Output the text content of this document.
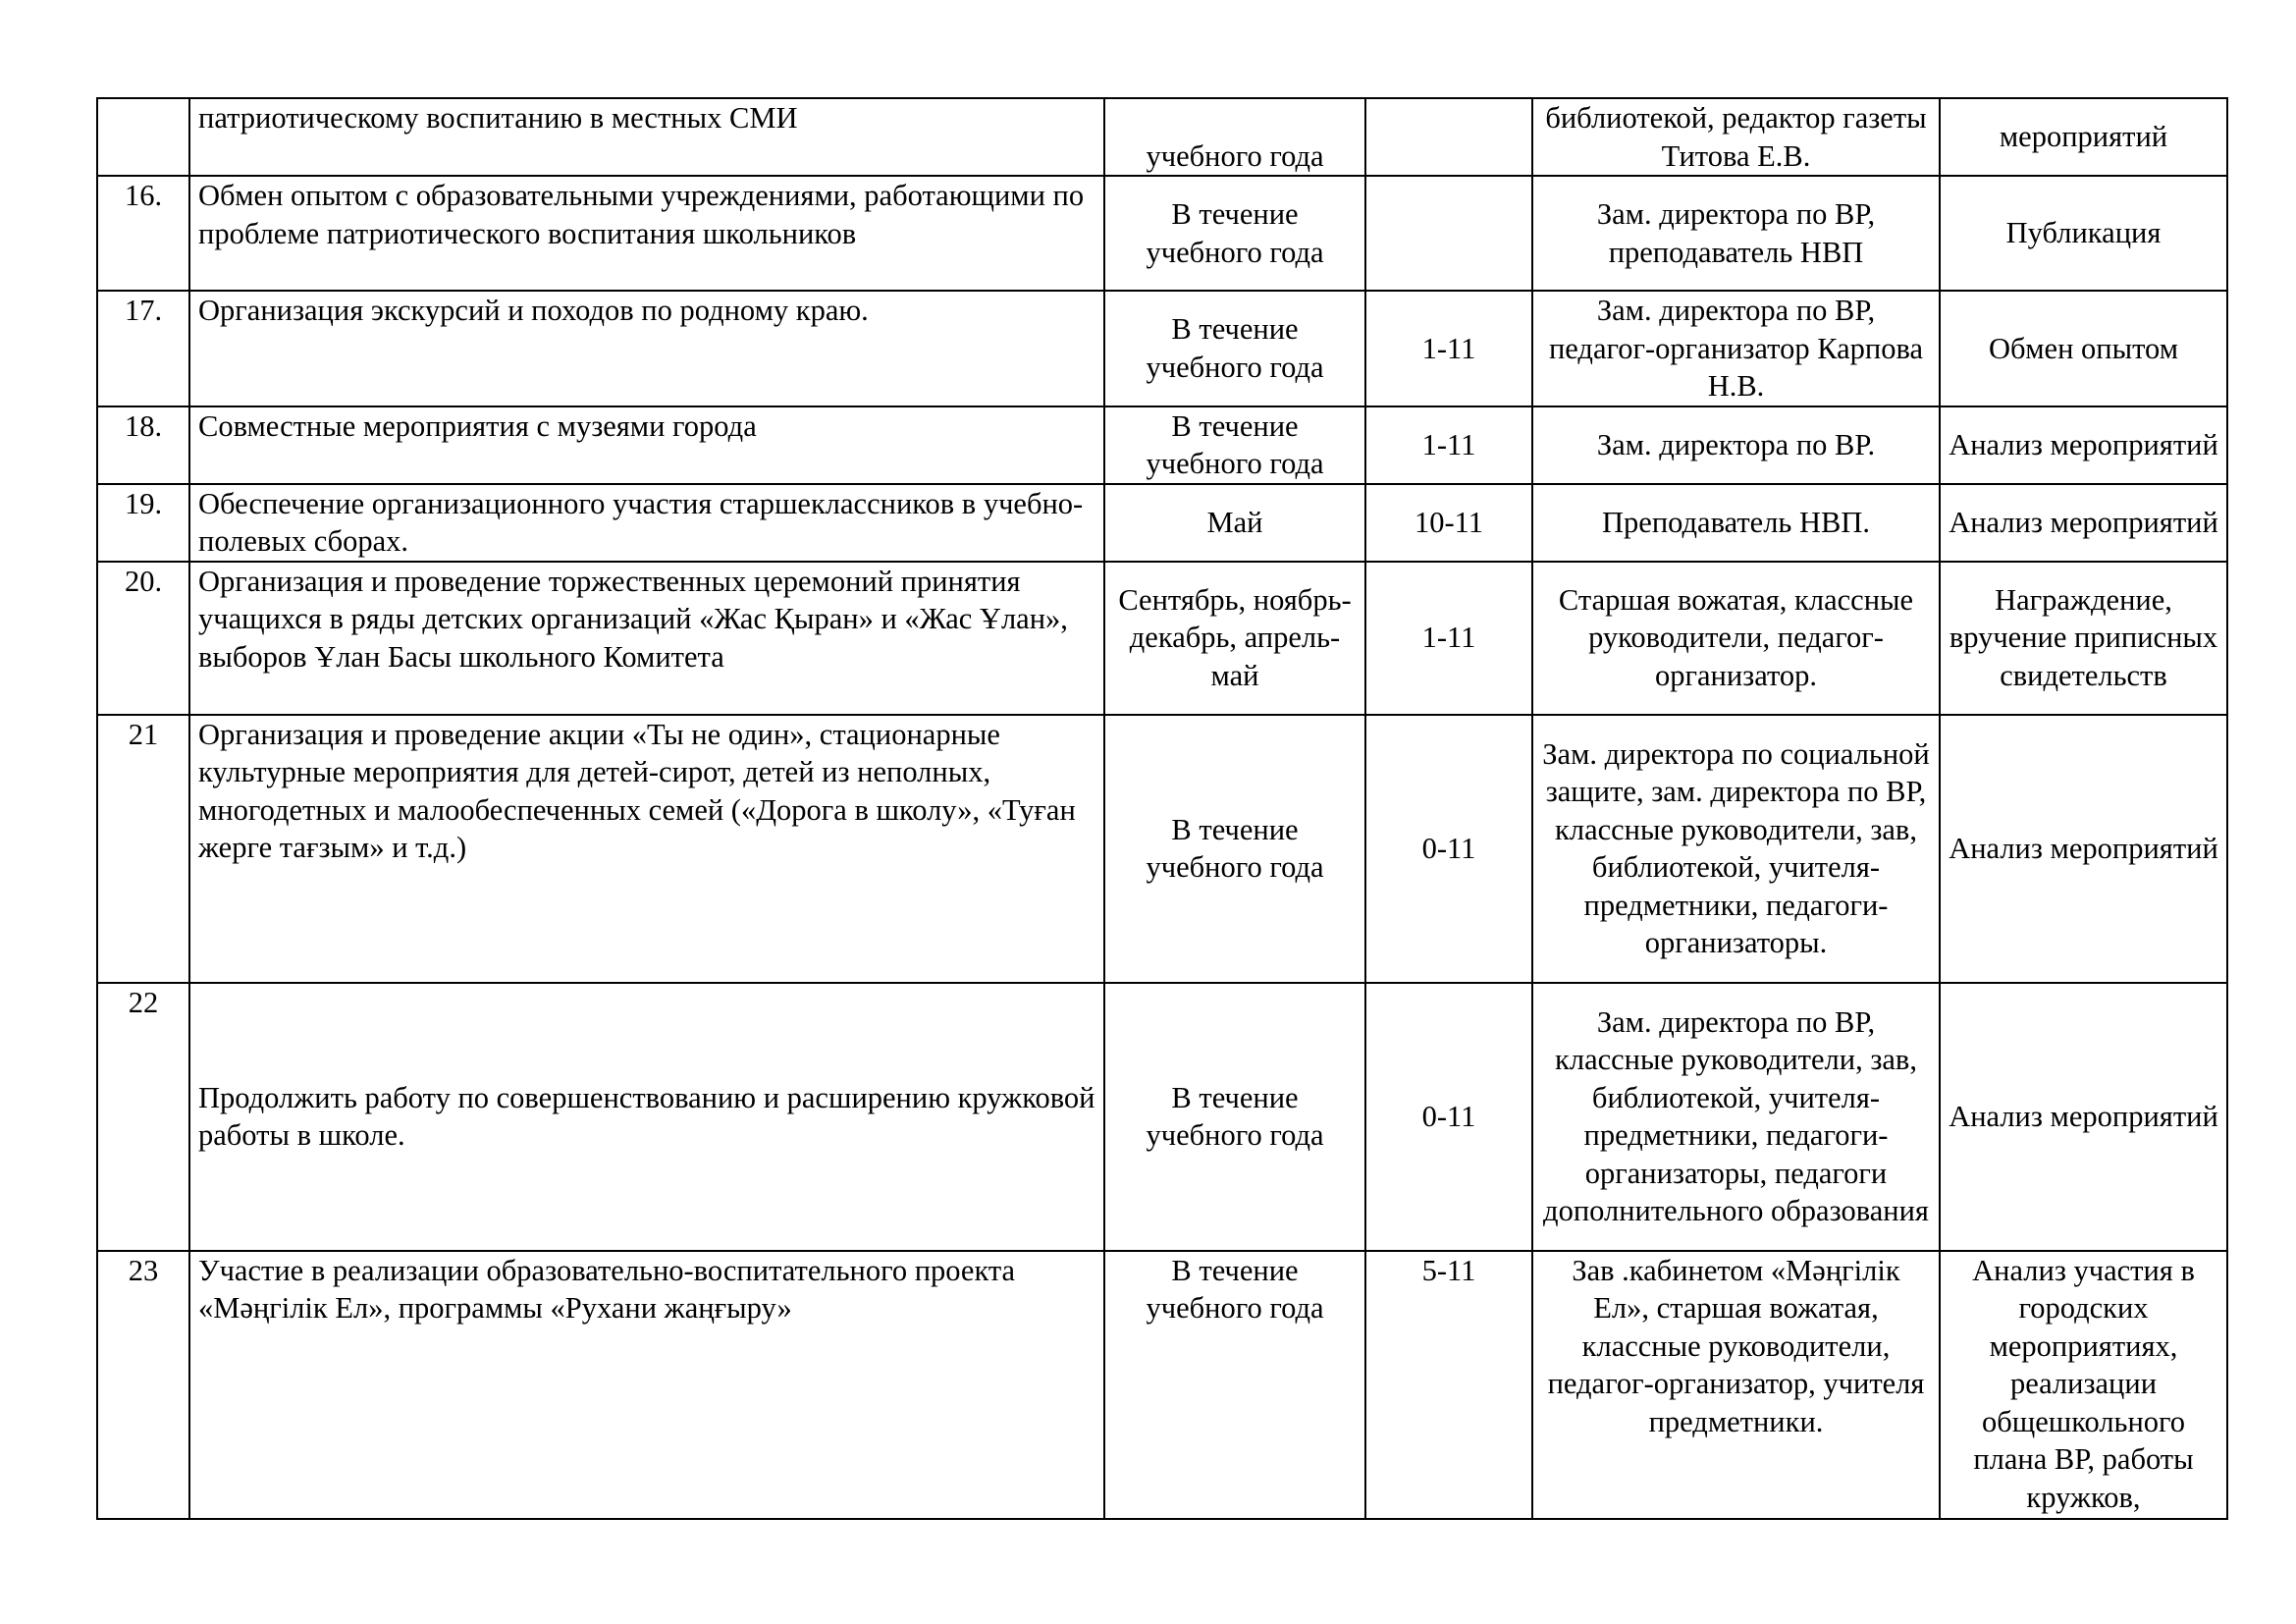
	патриотическому воспитанию в местных СМИ	учебного года		библиотекой, редактор газеты Титова Е.В.	мероприятий
16.	Обмен опытом с образовательными учреждениями, работающими по проблеме патриотического воспитания школьников	В течение учебного года		Зам. директора по ВР, преподаватель НВП	Публикация
17.	Организация экскурсий и походов по родному краю.	В течение учебного года	1-11	Зам. директора по ВР, педагог-организатор Карпова Н.В.	Обмен опытом
18.	Совместные мероприятия с музеями города	В течение учебного года	1-11	Зам. директора по ВР.	Анализ мероприятий
19.	Обеспечение организационного участия старшеклассников в учебно-полевых сборах.	Май	10-11	Преподаватель НВП.	Анализ мероприятий
20.	Организация и проведение торжественных церемоний принятия учащихся в ряды детских организаций «Жас Қыран» и «Жас Ұлан», выборов Ұлан Басы школьного Комитета	Сентябрь, ноябрь-декабрь, апрель-май	1-11	Старшая вожатая, классные руководители, педагог-организатор.	Награждение, вручение приписных свидетельств
21	Организация и проведение акции «Ты не один», стационарные культурные мероприятия для детей-сирот, детей из неполных, многодетных и малообеспеченных семей («Дорога в школу», «Туған жерге тағзым» и т.д.)	В течение учебного года	0-11	Зам. директора по социальной защите, зам. директора по ВР, классные руководители, зав, библиотекой, учителя-предметники, педагоги-организаторы.	Анализ мероприятий
22	Продолжить работу по совершенствованию и расширению кружковой работы в школе.	В течение учебного года	0-11	Зам. директора по ВР, классные руководители, зав, библиотекой, учителя-предметники, педагоги-организаторы, педагоги дополнительного образования	Анализ мероприятий
23	Участие в реализации образовательно-воспитательного проекта «Мәңгілік Ел», программы «Рухани жаңғыру»	В течение учебного года	5-11	Зав .кабинетом «Мәңгілік Ел», старшая вожатая, классные руководители, педагог-организатор, учителя предметники.	Анализ участия в городских мероприятиях, реализации общешкольного плана ВР, работы кружков,
